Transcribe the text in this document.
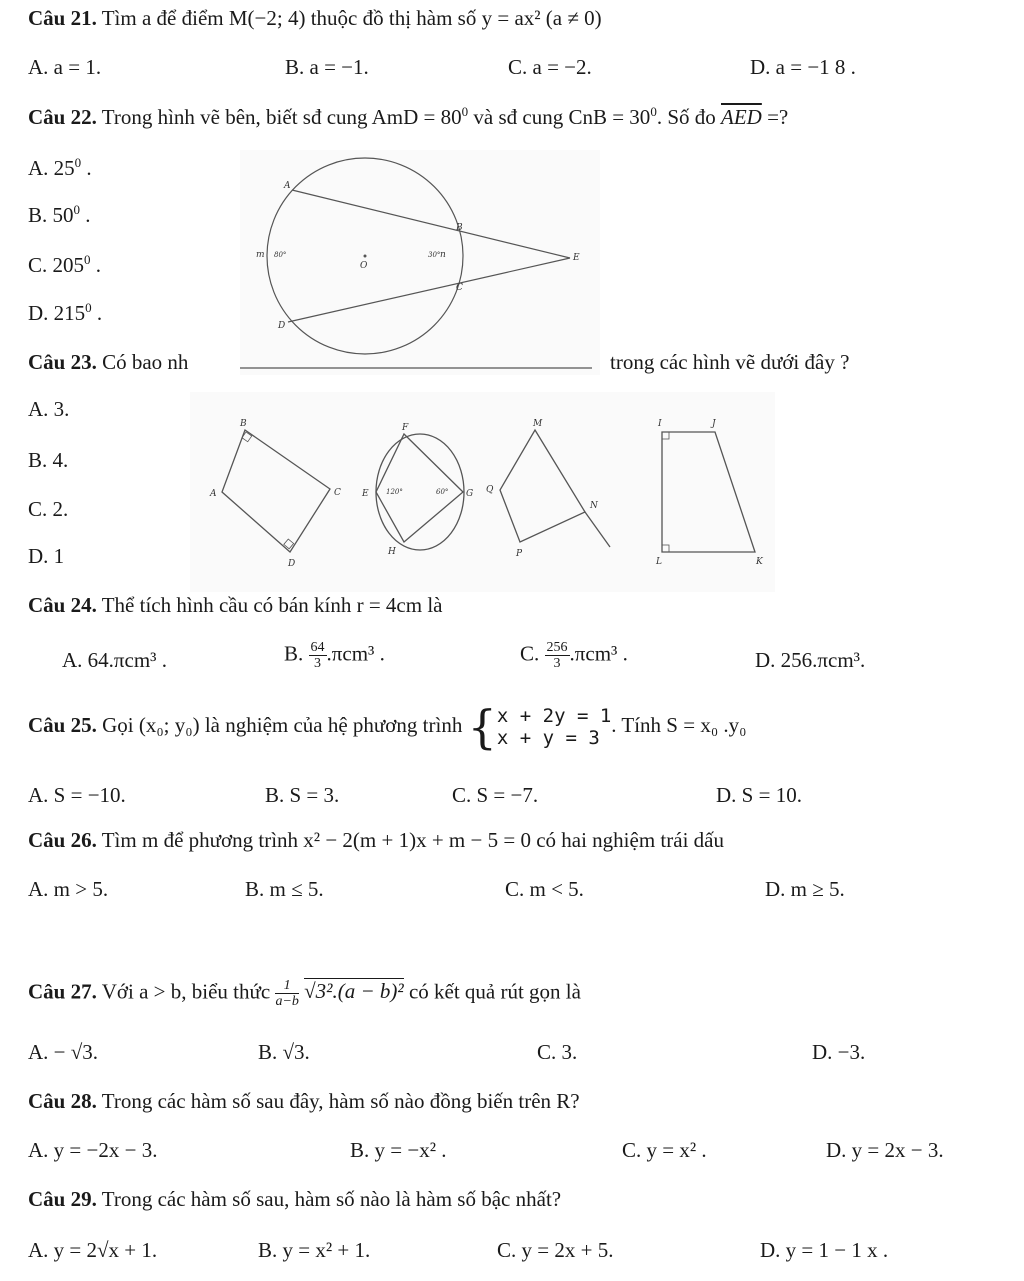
Câu 21. Tìm a để điểm M(−2; 4) thuộc đồ thị hàm số y = ax² (a ≠ 0)
A. a = 1.	B. a = −1.	C. a = −2.	D. a = −1 8 .
Câu 22. Trong hình vẽ bên, biết sđ cung AmD = $80^0$ và sđ cung CnB = $30^0$. Số đo $\overline{AED}$ =?
A. $25^0$ .
B. $50^0$ .
C. $205^0$ .
D. $215^0$ .
A
B
C
D
E
O
m	n
80°	30°
Câu 23. Có bao nh	trong các hình vẽ dưới đây ?
A. 3.
B. 4.
C. 2.
D. 1
B
C
D
A
F
G
H
E 120°	60°
M
N
P
Q
I	J
K
L
Câu 24. Thể tích hình cầu có bán kính r = 4cm là
A. 64.πcm³ .	B. $\frac{64}{3} .\pi cm^3$ .	C. $\frac{256}{3} .\pi cm^3$ .	D. 256.πcm³.
Câu 25. Gọi (x₀; y₀) là nghiệm của hệ phương trình { x + 2y = 1
x + y = 3
. Tính S = x₀ .y₀
A. S = −10.	B. S = 3.	C. S = −7.	D. S = 10.
Câu 26. Tìm m để phương trình x² − 2(m + 1)x + m − 5 = 0 có hai nghiệm trái dấu
A. m > 5.	B. m ≤ 5.	C. m < 5.	D. m ≥ 5.
Câu 27. Với a > b, biểu thức $\frac{1}{a-b} √3^2.(a - b)^2$ có kết quả rút gọn là
A. − √3.	B. √3.	C. 3.	D. −3.
Câu 28. Trong các hàm số sau đây, hàm số nào đồng biến trên R?
A. y = −2x − 3.	B. y = −x² .	C. y = x² .	D. y = 2x − 3.
Câu 29. Trong các hàm số sau, hàm số nào là hàm số bậc nhất?
A. y = 2√x + 1.	B. y = x² + 1.	C. y = 2x + 5.	D. y = 1 − 1 x .
